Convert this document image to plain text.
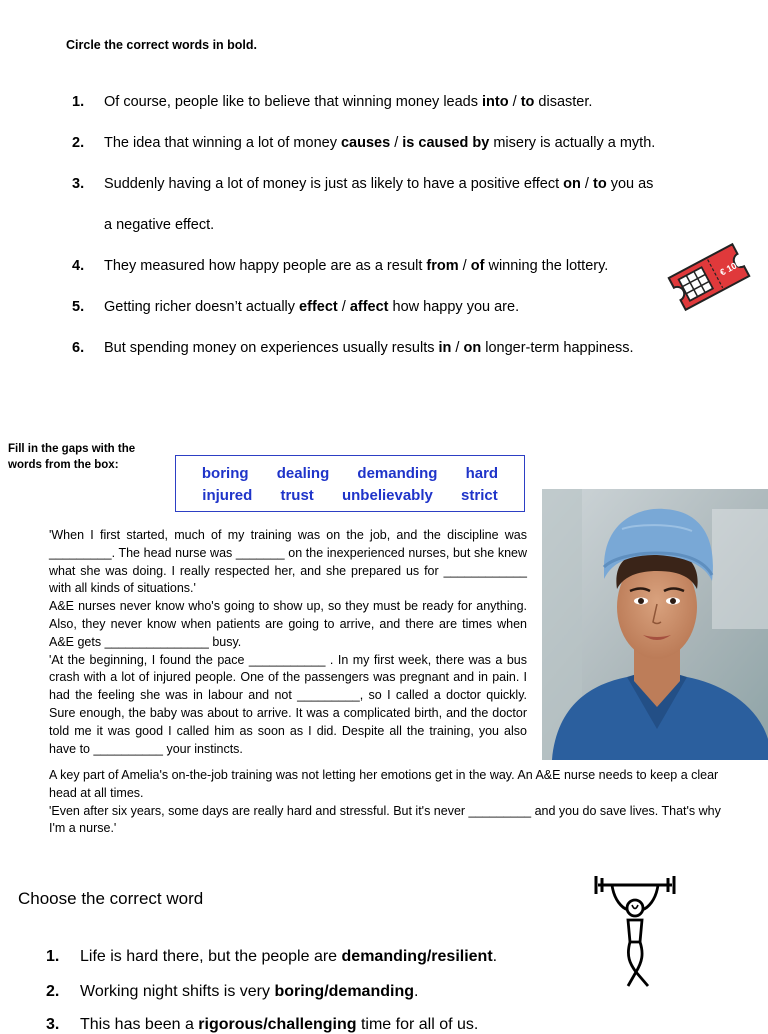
Circle the correct words in bold.
1. Of course, people like to believe that winning money leads into / to disaster.
2. The idea that winning a lot of money causes / is caused by misery is actually a myth.
3. Suddenly having a lot of money is just as likely to have a positive effect on / to you as
a negative effect.
4. They measured how happy people are as a result from / of winning the lottery.
5. Getting richer doesn’t actually effect / affect how happy you are.
6. But spending money on experiences usually results in / on longer-term happiness.
€ 100
Fill in the gaps with the words from the box:	boring dealing demanding hard
injured trust unbelievably strict

'When I first started, much of my training was on the job, and the discipline was _________. The head nurse was _______ on the inexperienced nurses, but she knew what she was doing. I really respected her, and she prepared us for ____________ with all kinds of situations.'

A&E nurses never know who's going to show up, so they must be ready for anything. Also, they never know when patients are going to arrive, and there are times when A&E gets _______________ busy.

'At the beginning, I found the pace ___________ . In my first week, there was a bus crash with a lot of injured people. One of the passengers was pregnant and in pain. I had the feeling she was in labour and not _________, so I called a doctor quickly. Sure enough, the baby was about to arrive. It was a complicated birth, and the doctor told me it was good I called him as soon as I did. Despite all the training, you also have to __________ your instincts.

A key part of Amelia's on-the-job training was not letting her emotions get in the way. An A&E nurse needs to keep a clear head at all times.

'Even after six years, some days are really hard and stressful. But it's never _________ and you do save lives. That's why I'm a nurse.'

Choose the correct word
1. Life is hard there, but the people are demanding/resilient.
2. Working night shifts is very boring/demanding.
3. This has been a rigorous/challenging time for all of us.
